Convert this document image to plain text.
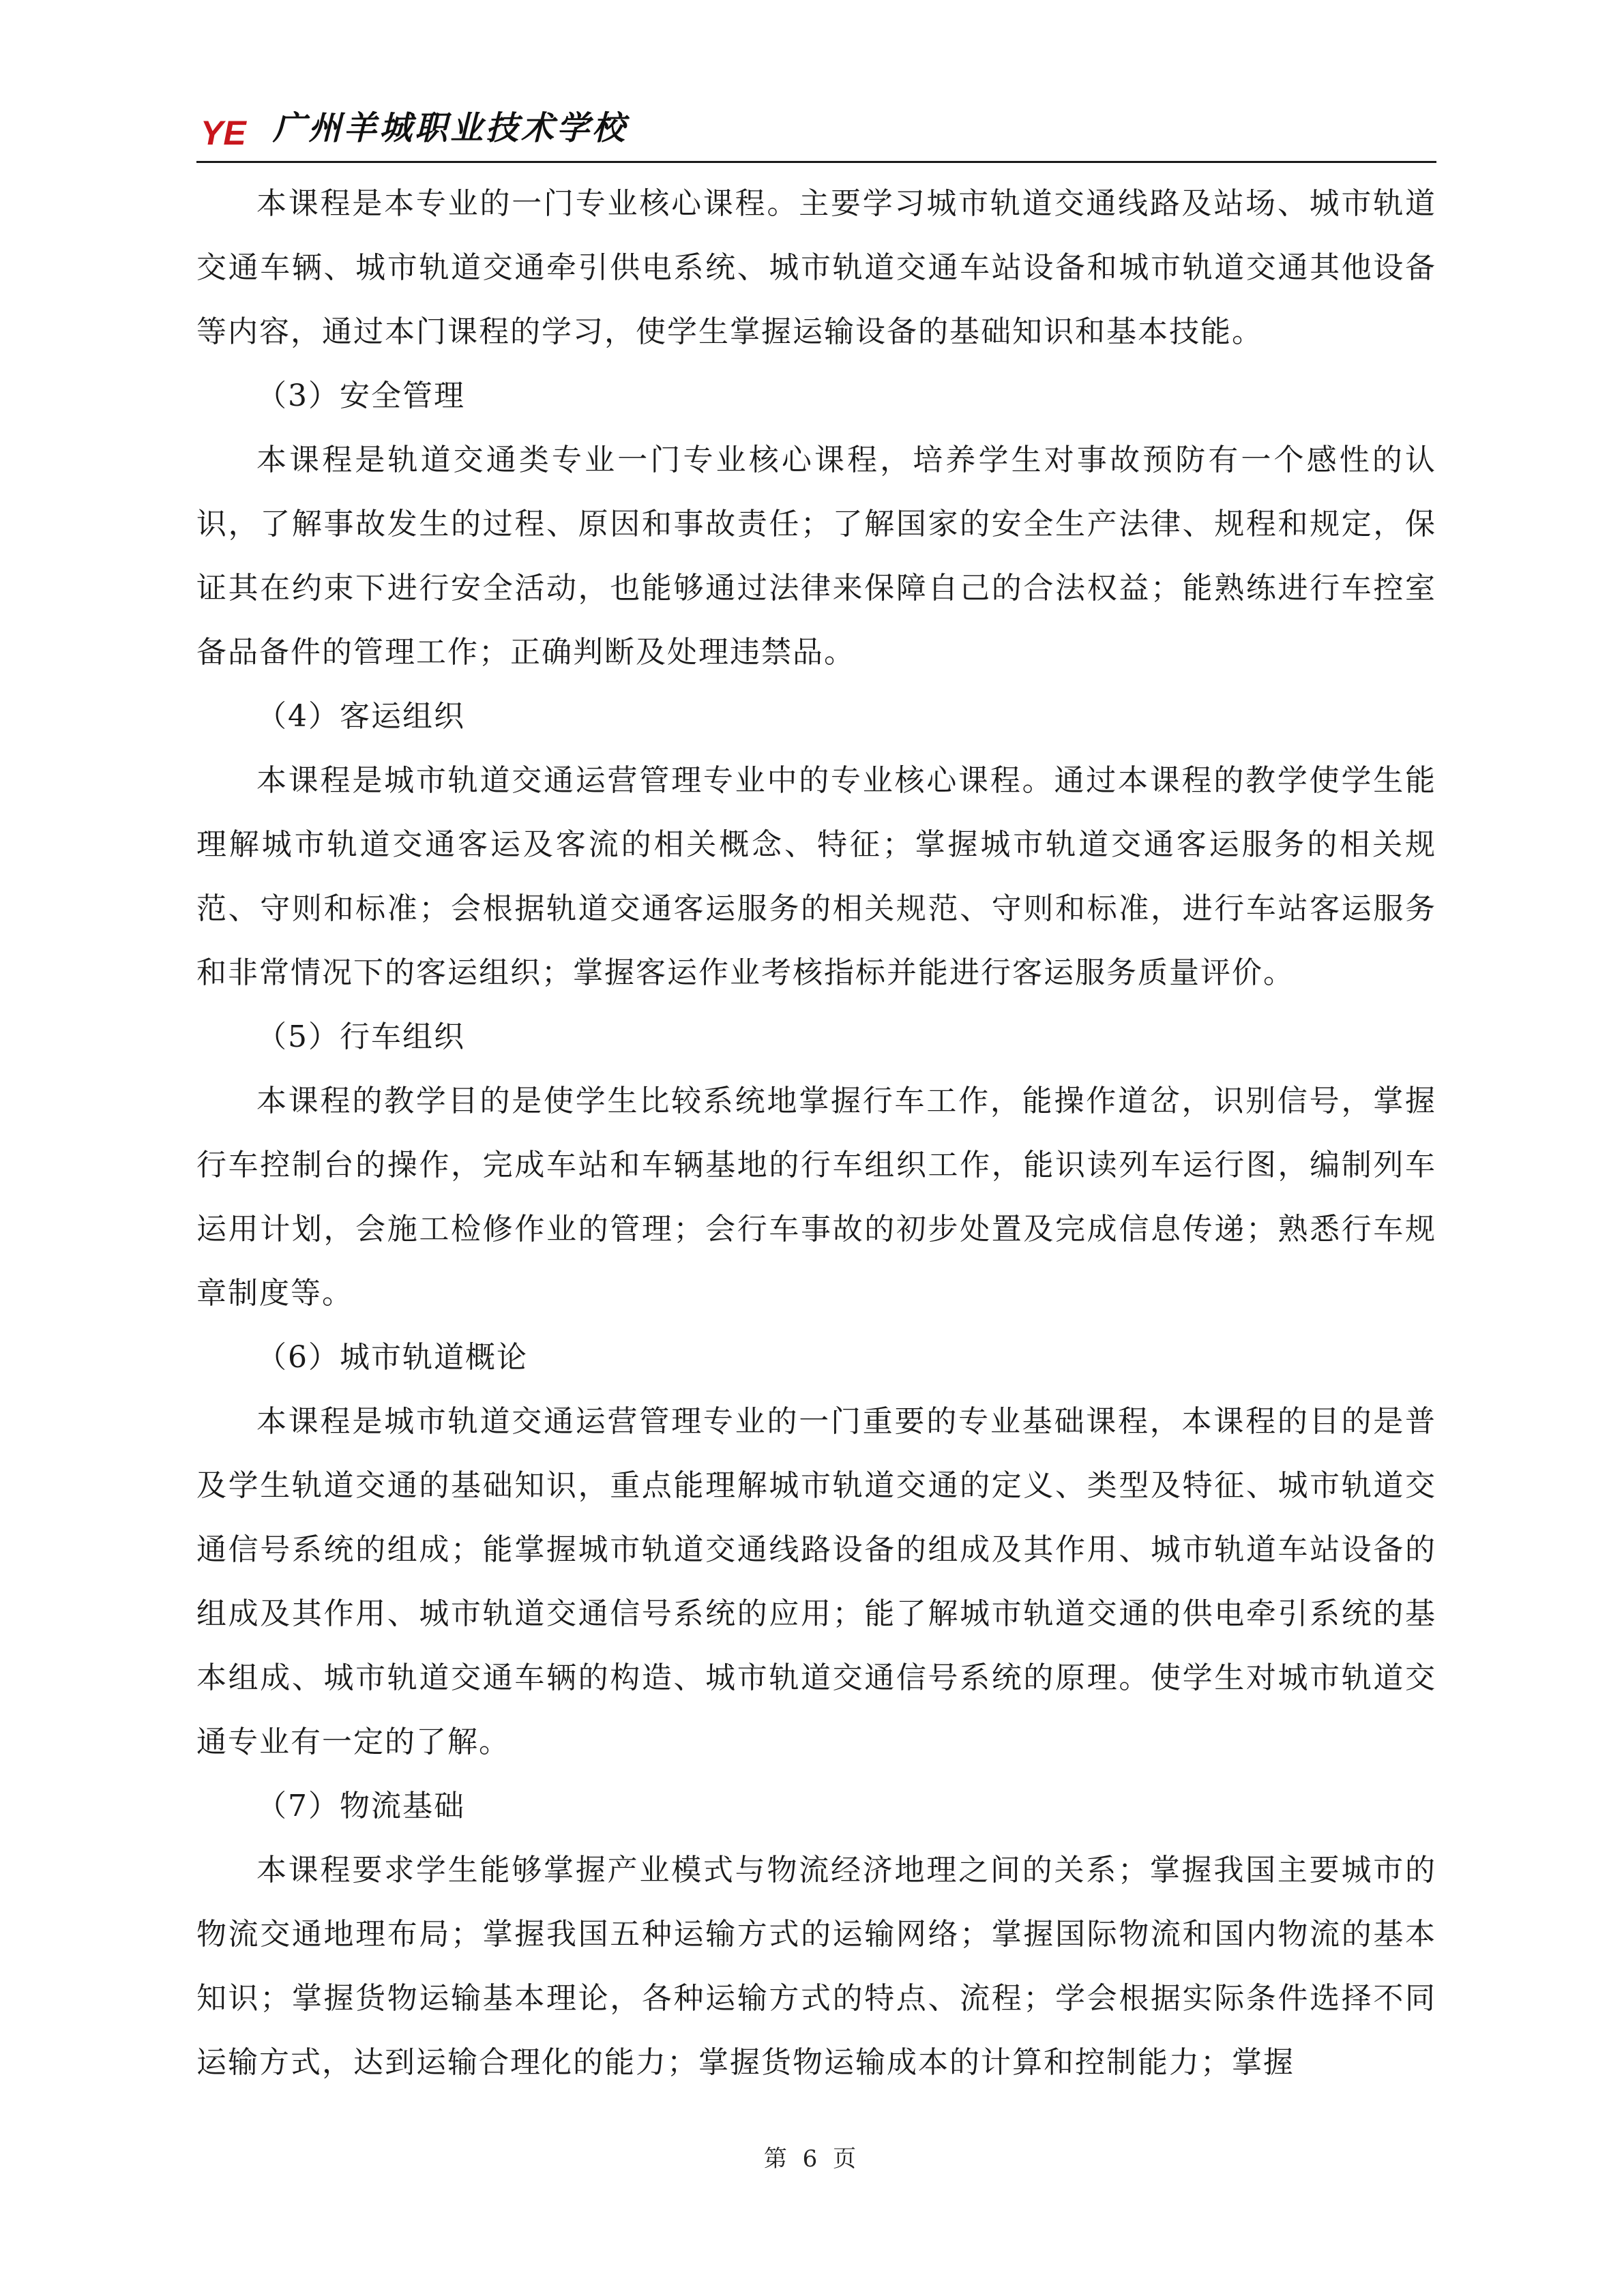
YE 广州羊城职业技术学校

本课程是本专业的一门专业核心课程。主要学习城市轨道交通线路及站场、城市轨道交通车辆、城市轨道交通牵引供电系统、城市轨道交通车站设备和城市轨道交通其他设备等内容，通过本门课程的学习，使学生掌握运输设备的基础知识和基本技能。

（3）安全管理

本课程是轨道交通类专业一门专业核心课程，培养学生对事故预防有一个感性的认识，了解事故发生的过程、原因和事故责任；了解国家的安全生产法律、规程和规定，保证其在约束下进行安全活动，也能够通过法律来保障自己的合法权益；能熟练进行车控室备品备件的管理工作；正确判断及处理违禁品。

（4）客运组织

本课程是城市轨道交通运营管理专业中的专业核心课程。通过本课程的教学使学生能理解城市轨道交通客运及客流的相关概念、特征；掌握城市轨道交通客运服务的相关规范、守则和标准；会根据轨道交通客运服务的相关规范、守则和标准，进行车站客运服务和非常情况下的客运组织；掌握客运作业考核指标并能进行客运服务质量评价。

（5）行车组织

本课程的教学目的是使学生比较系统地掌握行车工作，能操作道岔，识别信号，掌握行车控制台的操作，完成车站和车辆基地的行车组织工作，能识读列车运行图，编制列车运用计划，会施工检修作业的管理；会行车事故的初步处置及完成信息传递；熟悉行车规章制度等。

（6）城市轨道概论

本课程是城市轨道交通运营管理专业的一门重要的专业基础课程，本课程的目的是普及学生轨道交通的基础知识，重点能理解城市轨道交通的定义、类型及特征、城市轨道交通信号系统的组成；能掌握城市轨道交通线路设备的组成及其作用、城市轨道车站设备的组成及其作用、城市轨道交通信号系统的应用；能了解城市轨道交通的供电牵引系统的基本组成、城市轨道交通车辆的构造、城市轨道交通信号系统的原理。使学生对城市轨道交通专业有一定的了解。

（7）物流基础

本课程要求学生能够掌握产业模式与物流经济地理之间的关系；掌握我国主要城市的物流交通地理布局；掌握我国五种运输方式的运输网络；掌握国际物流和国内物流的基本知识；掌握货物运输基本理论，各种运输方式的特点、流程；学会根据实际条件选择不同运输方式，达到运输合理化的能力；掌握货物运输成本的计算和控制能力；掌握

第 6 页
